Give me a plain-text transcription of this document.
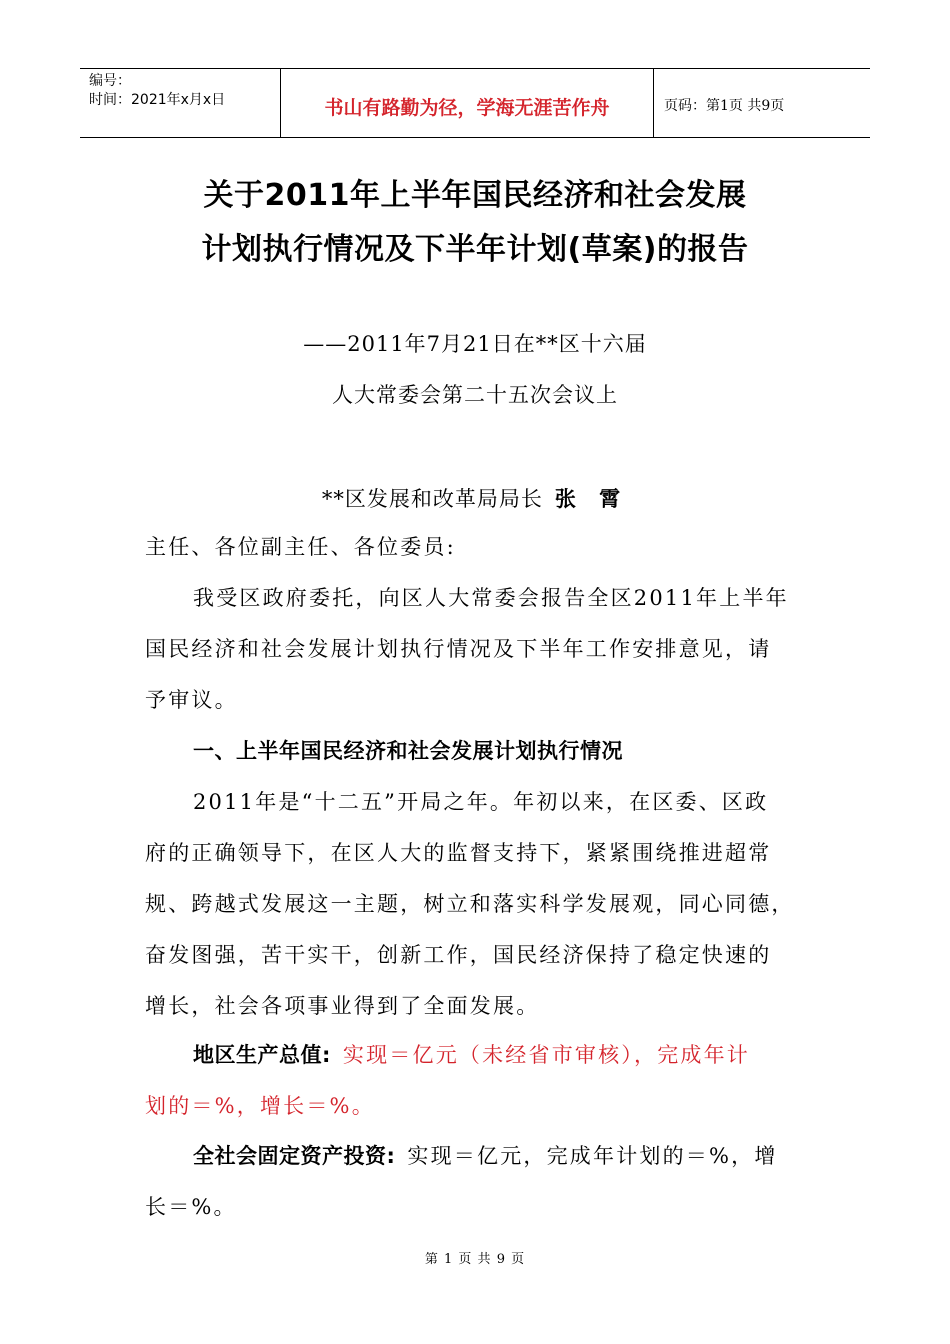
编号：
时间：2021年x月x日	书山有路勤为径，学海无涯苦作舟	页码：第1页 共9页
关于2011年上半年国民经济和社会发展
计划执行情况及下半年计划(草案)的报告
——2011年7月21日在**区十六届
人大常委会第二十五次会议上
**区发展和改革局局长 张 霄
主任、各位副主任、各位委员:
我受区政府委托，向区人大常委会报告全区2011年上半年
国民经济和社会发展计划执行情况及下半年工作安排意见，请
予审议。
一、上半年国民经济和社会发展计划执行情况
2011年是“十二五”开局之年。年初以来，在区委、区政
府的正确领导下，在区人大的监督支持下，紧紧围绕推进超常
规、跨越式发展这一主题，树立和落实科学发展观，同心同德，
奋发图强，苦干实干，创新工作，国民经济保持了稳定快速的
增长，社会各项事业得到了全面发展。
地区生产总值: 实现＝亿元（未经省市审核），完成年计
划的＝%，增长＝%。
全社会固定资产投资: 实现＝亿元，完成年计划的＝%，增
长＝%。
第 1 页 共 9 页
